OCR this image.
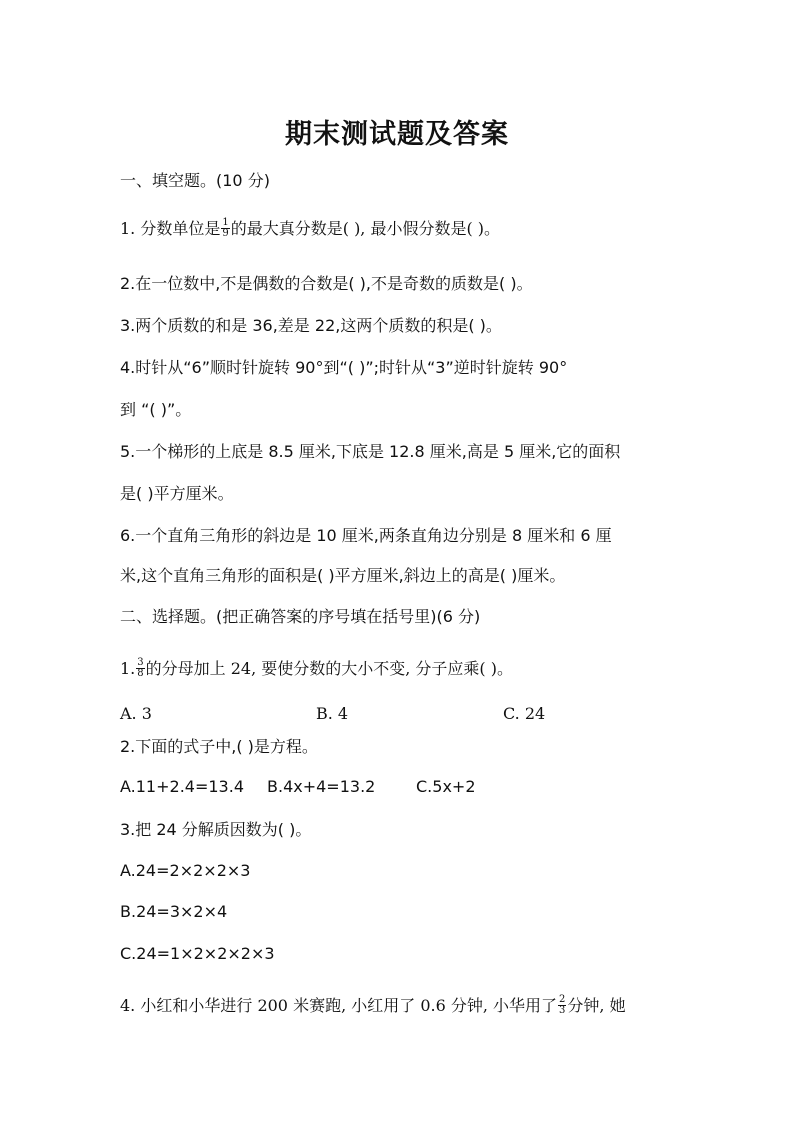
期末测试题及答案
一、填空题。(10 分)
1. 分数单位是 $\frac{1}{9}$ 的最大真分数是( ), 最小假分数是( )。
2.在一位数中,不是偶数的合数是( ),不是奇数的质数是( )。
3.两个质数的和是 36,差是 22,这两个质数的积是( )。
4.时针从“6”顺时针旋转 90°到“( )”;时针从“3”逆时针旋转 90°
到 “( )”。
5.一个梯形的上底是 8.5 厘米,下底是 12.8 厘米,高是 5 厘米,它的面积
是( )平方厘米。
6.一个直角三角形的斜边是 10 厘米,两条直角边分别是 8 厘米和 6 厘
米,这个直角三角形的面积是( )平方厘米,斜边上的高是( )厘米。
二、选择题。(把正确答案的序号填在括号里)(6 分)
1. $\frac{3}{8}$ 的分母加上 24, 要使分数的大小不变, 分子应乘( )。
A. 3	B. 4	C. 24
2.下面的式子中,( )是方程。
A.11+2.4=13.4 B.4x+4=13.2	C.5x+2
3.把 24 分解质因数为( )。
A.24=2×2×2×3
B.24=3×2×4
C.24=1×2×2×2×3
4. 小红和小华进行 200 米赛跑, 小红用了 0.6 分钟, 小华用了 $\frac{2}{3}$ 分钟, 她
